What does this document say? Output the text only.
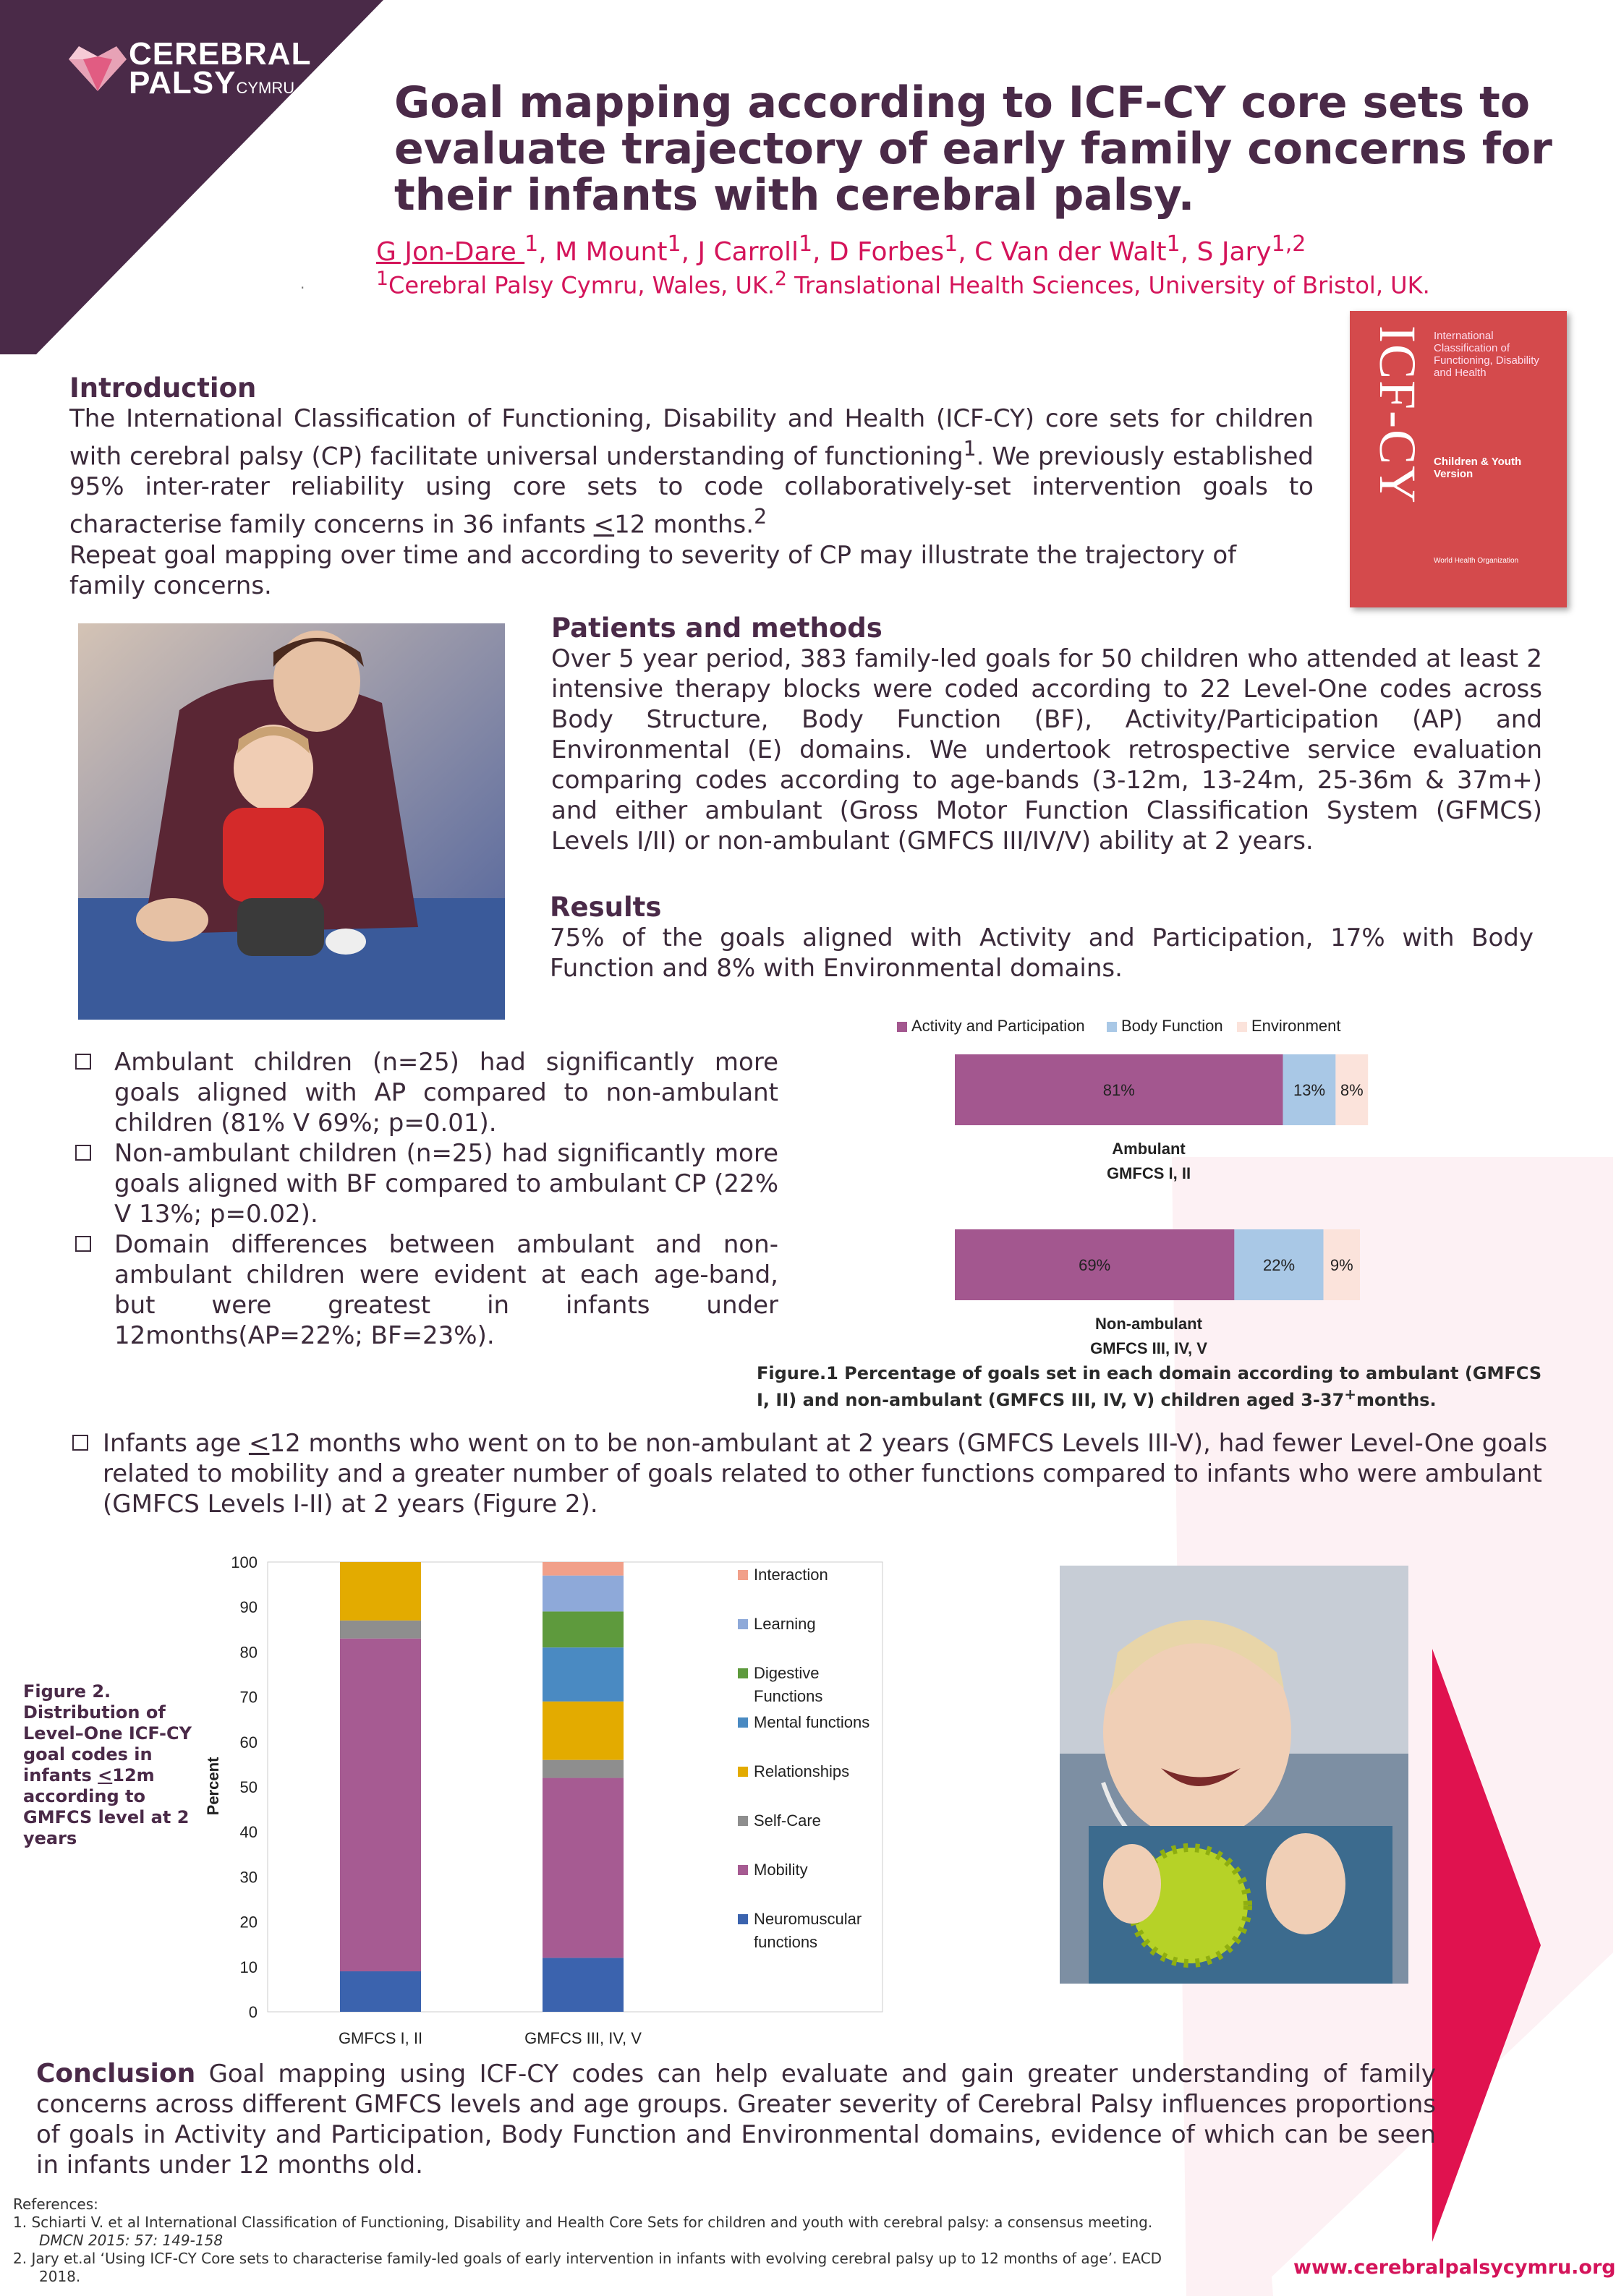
CEREBRAL
PALSYCYMRU	Goal mapping according to ICF-CY core sets to evaluate trajectory of early family concerns for their infants with cerebral palsy.
G Jon-Dare $^1$, M Mount$^1$, J Carroll$^1$, D Forbes$^1$, C Van der Walt$^1$, S Jary$^{1,2}$
$^1$Cerebral Palsy Cymru, Wales, UK.$^2$ Translational Health Sciences, University of Bristol, UK.
.
ICF-CY International Classification of Functioning, Disability and Health
Children & Youth Version
World Health Organization
Introduction
The International Classification of Functioning, Disability and Health (ICF-CY) core sets for children with cerebral palsy (CP) facilitate universal understanding of functioning$^1$. We previously established 95% inter-rater reliability using core sets to code collaboratively-set intervention goals to characterise family concerns in 36 infants <12 months.$^2$
Repeat goal mapping over time and according to severity of CP may illustrate the trajectory of family concerns.
Patients and methods
Over 5 year period, 383 family-led goals for 50 children who attended at least 2 intensive therapy blocks were coded according to 22 Level-One codes across Body Structure, Body Function (BF), Activity/Participation (AP) and Environmental (E) domains. We undertook retrospective service evaluation comparing codes according to age-bands (3-12m, 13-24m, 25-36m & 37m+) and either ambulant (Gross Motor Function Classification System (GFMCS) Levels I/II) or non-ambulant (GMFCS III/IV/V) ability at 2 years.
Results
75% of the goals aligned with Activity and Participation, 17% with Body Function and 8% with Environmental domains.
Ambulant children (n=25) had significantly more goals aligned with AP compared to non-ambulant children (81% V 69%; p=0.01).
Non-ambulant children (n=25) had significantly more goals aligned with BF compared to ambulant CP (22% V 13%; p=0.02).
Domain differences between ambulant and non-ambulant children were evident at each age-band, but were greatest in infants under 12months(AP=22%; BF=23%).
Activity and Participation Body Function Environment
81%	13% 8%
Ambulant
GMFCS I, II
69%	22% 9%
Non-ambulant
GMFCS III, IV, V
Figure.1 Percentage of goals set in each domain according to ambulant (GMFCS I, II) and non-ambulant (GMFCS III, IV, V) children aged 3-37+months.
Infants age <12 months who went on to be non-ambulant at 2 years (GMFCS Levels III-V), had fewer Level-One goals related to mobility and a greater number of goals related to other functions compared to infants who were ambulant (GMFCS Levels I-II) at 2 years (Figure 2).
Figure 2. Distribution of Level–One ICF-CY goal codes in infants <12m according to GMFCS level at 2 years
0
10
20
30
40
50
60
70
80
90
100
Percent
GMFCS I, II	GMFCS III, IV, V
Interaction
Learning
Digestive
Functions
Mental functions
Relationships
Self-Care
Mobility
Neuromuscular
functions
Conclusion Goal mapping using ICF-CY codes can help evaluate and gain greater understanding of family concerns across different GMFCS levels and age groups. Greater severity of Cerebral Palsy influences proportions of goals in Activity and Participation, Body Function and Environmental domains, evidence of which can be seen in infants under 12 months old.
References:
1. Schiarti V. et al International Classification of Functioning, Disability and Health Core Sets for children and youth with cerebral palsy: a consensus meeting.
DMCN 2015: 57: 149-158
2. Jary et.al ‘Using ICF-CY Core sets to characterise family-led goals of early intervention in infants with evolving cerebral palsy up to 12 months of age’. EACD
2018.	www.cerebralpalsycymru.org
